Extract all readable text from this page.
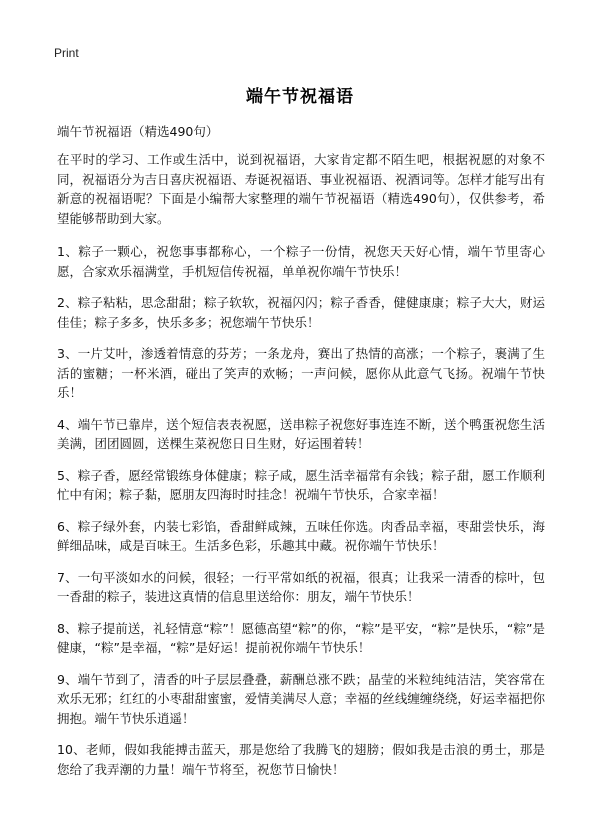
Print
端午节祝福语
端午节祝福语（精选490句）

在平时的学习、工作或生活中，说到祝福语，大家肯定都不陌生吧，根据祝愿的对象不同，祝福语分为吉日喜庆祝福语、寿诞祝福语、事业祝福语、祝酒词等。怎样才能写出有新意的祝福语呢？下面是小编帮大家整理的端午节祝福语（精选490句），仅供参考，希望能够帮助到大家。

1、粽子一颗心，祝您事事都称心，一个粽子一份情，祝您天天好心情，端午节里寄心愿，合家欢乐福满堂，手机短信传祝福，单单祝你端午节快乐！

2、粽子粘粘，思念甜甜；粽子软软，祝福闪闪；粽子香香，健健康康；粽子大大，财运佳佳；粽子多多，快乐多多；祝您端午节快乐！

3、一片艾叶，渗透着情意的芬芳；一条龙舟，赛出了热情的高涨；一个粽子，裹满了生活的蜜糖；一杯米酒，碰出了笑声的欢畅；一声问候，愿你从此意气飞扬。祝端午节快乐！

4、端午节已靠岸，送个短信表表祝愿，送串粽子祝您好事连连不断，送个鸭蛋祝您生活美满，团团圆圆，送棵生菜祝您日日生财，好运围着转！

5、粽子香，愿经常锻练身体健康；粽子咸，愿生活幸福常有余钱；粽子甜，愿工作顺利忙中有闲；粽子黏，愿朋友四海时时挂念！祝端午节快乐，合家幸福！

6、粽子绿外套，内装七彩馅，香甜鲜咸辣，五味任你选。肉香品幸福，枣甜尝快乐，海鲜细品味，咸是百味王。生活多色彩，乐趣其中藏。祝你端午节快乐！

7、一句平淡如水的问候，很轻；一行平常如纸的祝福，很真；让我采一清香的棕叶，包一香甜的粽子，装进这真情的信息里送给你：朋友，端午节快乐！

8、粽子提前送，礼轻情意“粽”！愿德高望“粽”的你，“粽”是平安，“粽”是快乐，“粽”是健康，“粽”是幸福，“粽”是好运！提前祝你端午节快乐！

9、端午节到了，清香的叶子层层叠叠，薪酬总涨不跌；晶莹的米粒纯纯洁洁，笑容常在欢乐无邪；红红的小枣甜甜蜜蜜，爱情美满尽人意；幸福的丝线缠缠绕绕，好运幸福把你拥抱。端午节快乐逍遥！

10、老师，假如我能搏击蓝天，那是您给了我腾飞的翅膀；假如我是击浪的勇士，那是您给了我弄潮的力量！端午节将至，祝您节日愉快！
